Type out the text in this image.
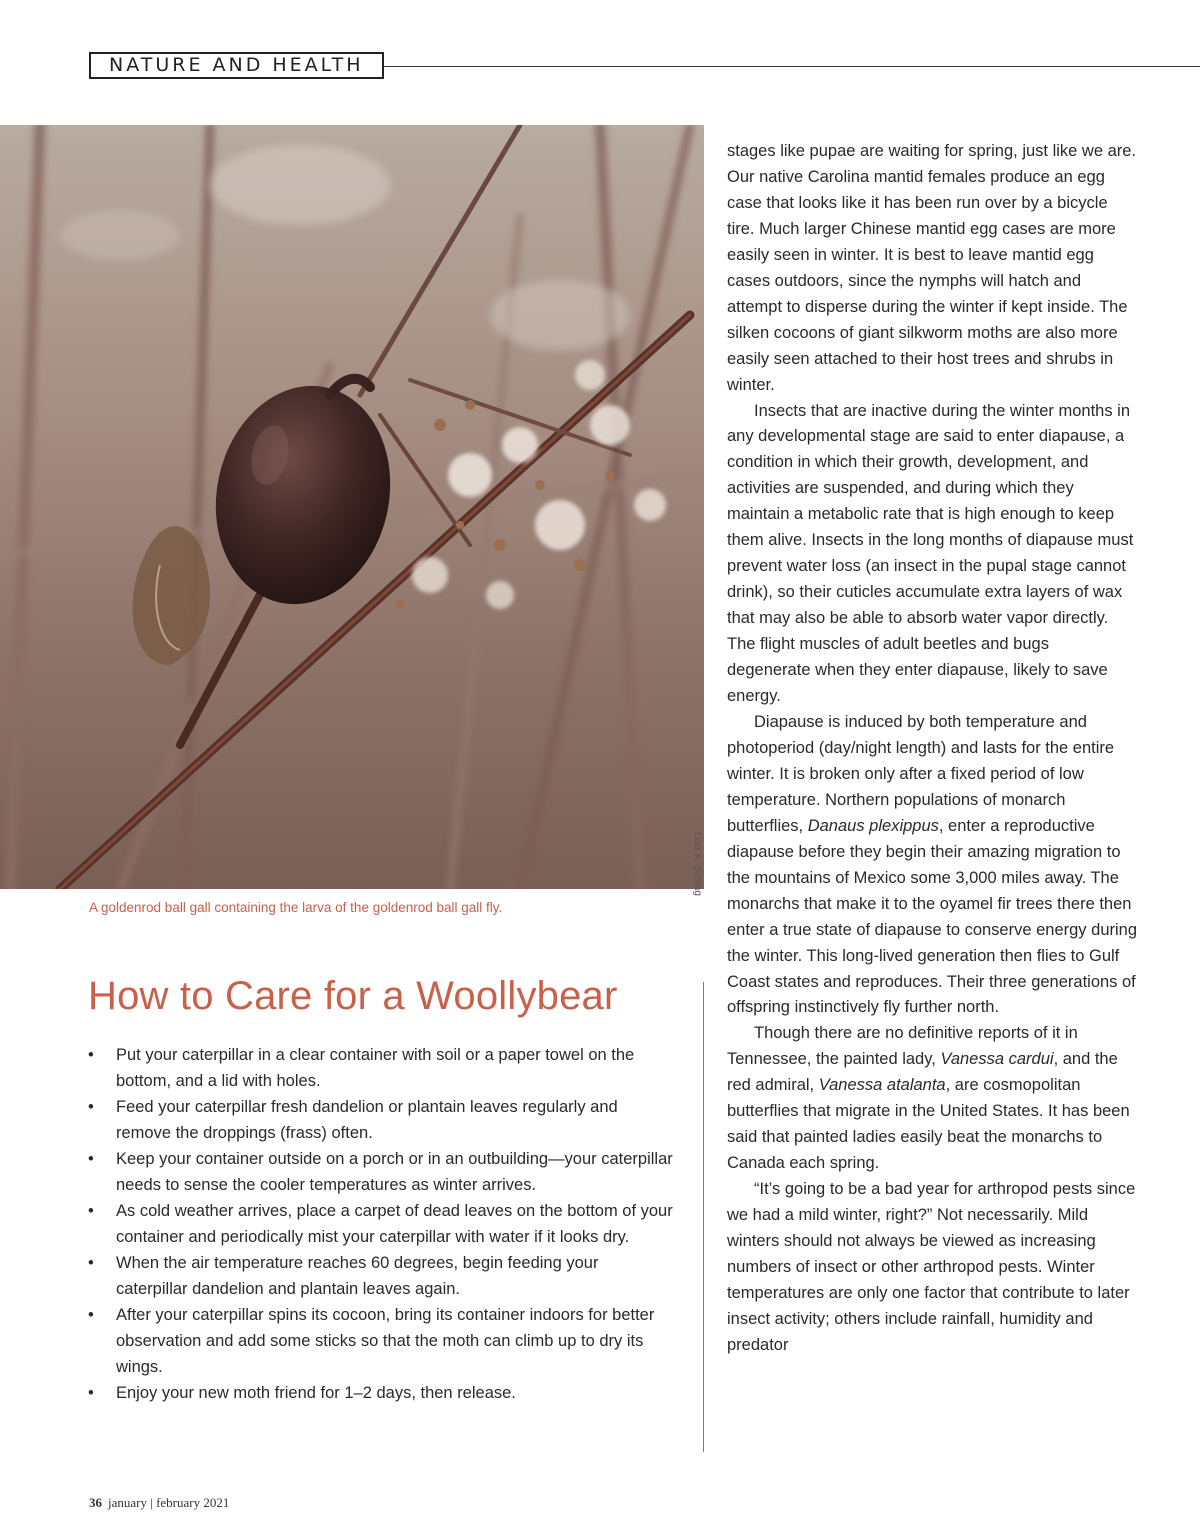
NATURE AND HEALTH
Lisa K. Schlag
A goldenrod ball gall containing the larva of the goldenrod ball gall fly.
How to Care for a Woollybear
• Put your caterpillar in a clear container with soil or a paper towel on the bottom, and a lid with holes.
• Feed your caterpillar fresh dandelion or plantain leaves regularly and remove the droppings (frass) often.
• Keep your container outside on a porch or in an outbuilding—your caterpillar needs to sense the cooler temperatures as winter arrives.
• As cold weather arrives, place a carpet of dead leaves on the bottom of your container and periodically mist your caterpillar with water if it looks dry.
• When the air temperature reaches 60 degrees, begin feeding your caterpillar dandelion and plantain leaves again.
• After your caterpillar spins its cocoon, bring its container indoors for better observation and add some sticks so that the moth can climb up to dry its wings.
• Enjoy your new moth friend for 1–2 days, then release.

stages like pupae are waiting for spring, just like we are. Our native Carolina mantid females produce an egg case that looks like it has been run over by a bicycle tire. Much larger Chinese mantid egg cases are more easily seen in winter. It is best to leave mantid egg cases outdoors, since the nymphs will hatch and attempt to disperse during the winter if kept inside. The silken cocoons of giant silkworm moths are also more easily seen attached to their host trees and shrubs in winter.

Insects that are inactive during the winter months in any developmental stage are said to enter diapause, a condition in which their growth, development, and activities are suspended, and during which they maintain a metabolic rate that is high enough to keep them alive. Insects in the long months of diapause must prevent water loss (an insect in the pupal stage cannot drink), so their cuticles accumulate extra layers of wax that may also be able to absorb water vapor directly. The flight muscles of adult beetles and bugs degenerate when they enter diapause, likely to save energy.

Diapause is induced by both temperature and photoperiod (day/night length) and lasts for the entire winter. It is broken only after a fixed period of low temperature. Northern populations of monarch butterflies, Danaus plexippus, enter a reproductive diapause before they begin their amazing migration to the mountains of Mexico some 3,000 miles away. The monarchs that make it to the oyamel fir trees there then enter a true state of diapause to conserve energy during the winter. This long-lived generation then flies to Gulf Coast states and reproduces. Their three generations of offspring instinctively fly further north.

Though there are no definitive reports of it in Tennessee, the painted lady, Vanessa cardui, and the red admiral, Vanessa atalanta, are cosmopolitan butterflies that migrate in the United States. It has been said that painted ladies easily beat the monarchs to Canada each spring.

“It’s going to be a bad year for arthropod pests since we had a mild winter, right?” Not necessarily. Mild winters should not always be viewed as increasing numbers of insect or other arthropod pests. Winter temperatures are only one factor that contribute to later insect activity; others include rainfall, humidity and predator

36 january | february 2021
